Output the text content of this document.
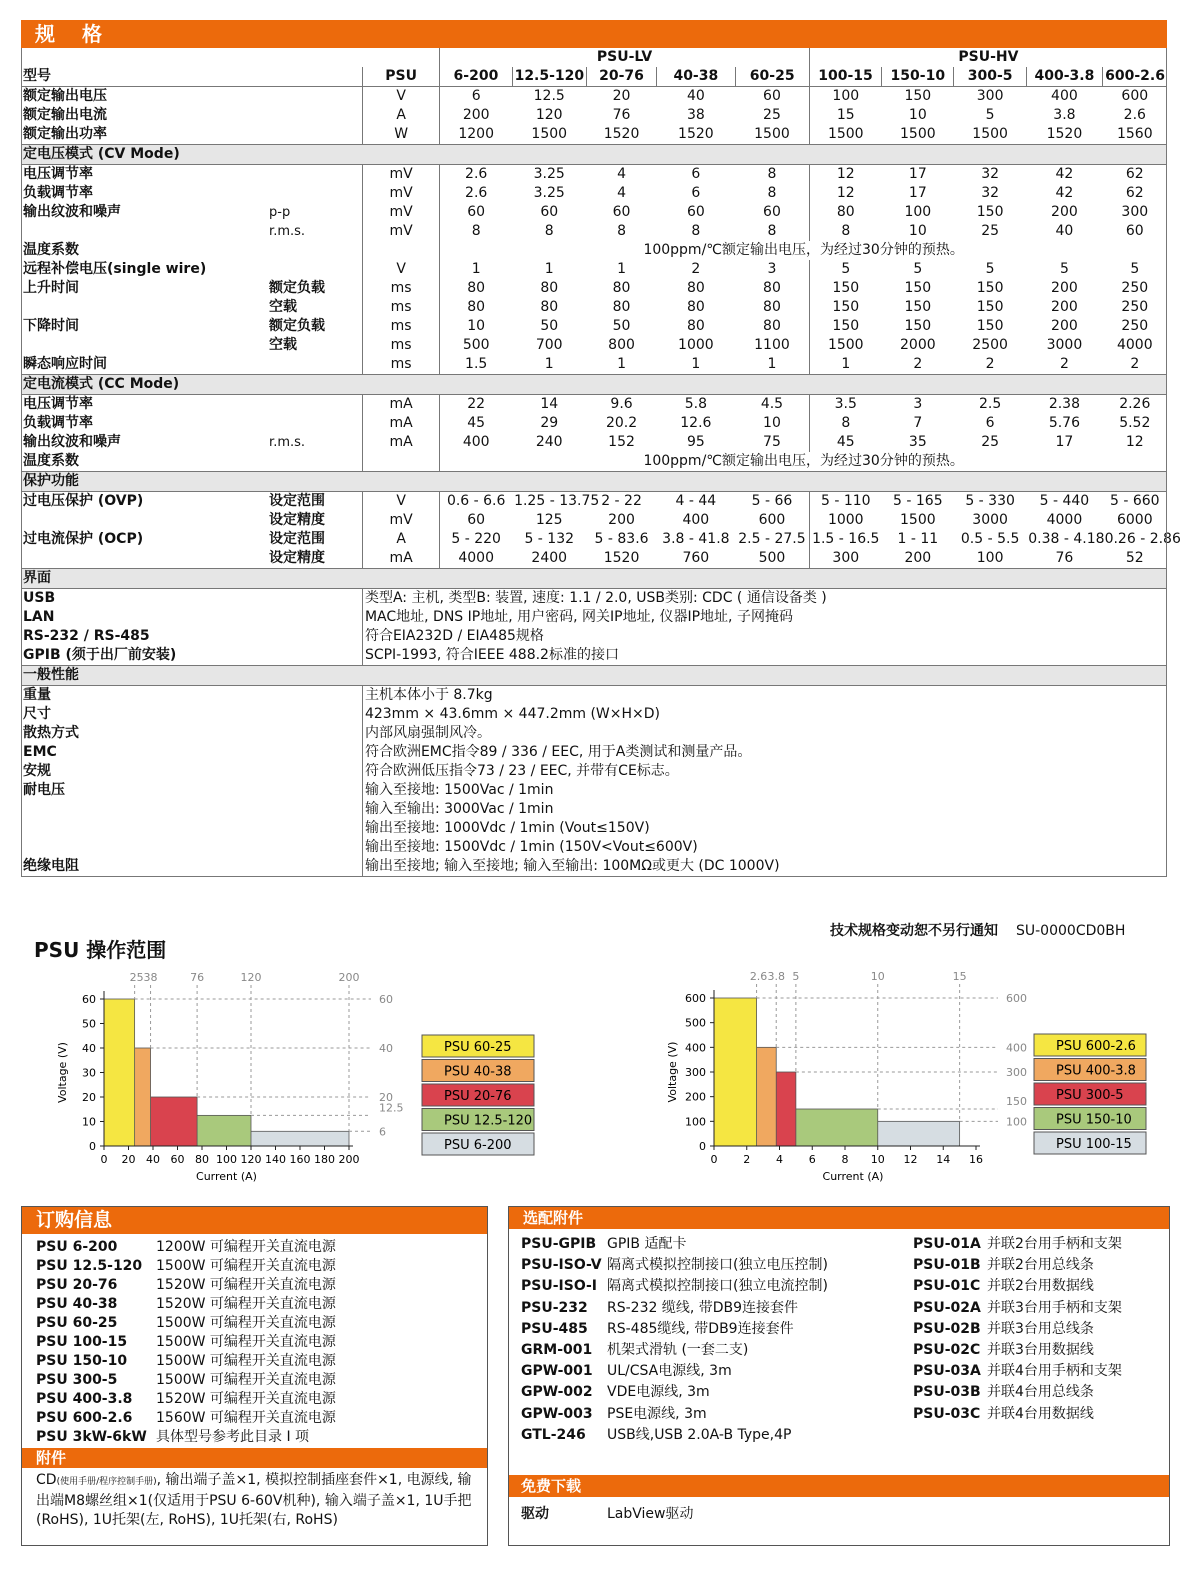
规 格
			PSU-LV					PSU-HV				
型号		PSU	6-200	12.5-120	20-76	40-38	60-25	100-15	150-10	300-5	400-3.8	600-2.6
额定输出电压		V	6	12.5	20	40	60	100	150	300	400	600
额定输出电流		A	200	120	76	38	25	15	10	5	3.8	2.6
额定输出功率		W	1200	1500	1520	1520	1500	1500	1500	1500	1520	1560
定电压模式 (CV Mode)												
电压调节率		mV	2.6	3.25	4	6	8	12	17	32	42	62
负载调节率		mV	2.6	3.25	4	6	8	12	17	32	42	62
输出纹波和噪声	p-p	mV	60	60	60	60	60	80	100	150	200	300
	r.m.s.	mV	8	8	8	8	8	8	10	25	40	60
温度系数			100ppm/℃额定输出电压，为经过30分钟的预热。									
远程补偿电压(single wire)		V	1	1	1	2	3	5	5	5	5	5
上升时间	额定负载	ms	80	80	80	80	80	150	150	150	200	250
	空载	ms	80	80	80	80	80	150	150	150	200	250
下降时间	额定负载	ms	10	50	50	80	80	150	150	150	200	250
	空载	ms	500	700	800	1000	1100	1500	2000	2500	3000	4000
瞬态响应时间		ms	1.5	1	1	1	1	1	2	2	2	2
定电流模式 (CC Mode)												
电压调节率		mA	22	14	9.6	5.8	4.5	3.5	3	2.5	2.38	2.26
负载调节率		mA	45	29	20.2	12.6	10	8	7	6	5.76	5.52
输出纹波和噪声	r.m.s.	mA	400	240	152	95	75	45	35	25	17	12
温度系数			100ppm/℃额定输出电压，为经过30分钟的预热。									
保护功能												
过电压保护 (OVP)	设定范围	V	0.6 - 6.6	1.25 - 13.75	2 - 22	4 - 44	5 - 66	5 - 110	5 - 165	5 - 330	5 - 440	5 - 660
	设定精度	mV	60	125	200	400	600	1000	1500	3000	4000	6000
过电流保护 (OCP)	设定范围	A	5 - 220	5 - 132	5 - 83.6	3.8 - 41.8	2.5 - 27.5	1.5 - 16.5	1 - 11	0.5 - 5.5	0.38 - 4.18	0.26 - 2.86
	设定精度	mA	4000	2400	1520	760	500	300	200	100	76	52
界面												
USB		类型A: 主机, 类型B: 装置, 速度: 1.1 / 2.0, USB类别: CDC ( 通信设备类 )										
LAN		MAC地址, DNS IP地址, 用户密码, 网关IP地址, 仪器IP地址, 子网掩码										
RS-232 / RS-485		符合EIA232D / EIA485规格										
GPIB (须于出厂前安装)		SCPI-1993, 符合IEEE 488.2标准的接口										
一般性能												
重量		主机本体小于 8.7kg										
尺寸		423mm × 43.6mm × 447.2mm (W×H×D)										
散热方式		内部风扇强制风冷。										
EMC		符合欧洲EMC指令89 / 336 / EEC, 用于A类测试和测量产品。										
安规		符合欧洲低压指令73 / 23 / EEC, 并带有CE标志。										
耐电压		输入至接地: 1500Vac / 1min										
		输入至输出: 3000Vac / 1min										
		输出至接地: 1000Vdc / 1min (Vout≤150V)										
		输出至接地: 1500Vdc / 1min (150V<Vout≤600V)										
绝缘电阻		输出至接地; 输入至接地; 输入至输出: 100MΩ或更大 (DC 1000V)										
技术规格变动恕不另行通知 SU-0000CD0BH
PSU 操作范围
25
60
38
40
76
20
120
12.5
200
6
0
10
20
30
40
50
60
0 20 40 60 80 100 120 140 160 180 200
Current (A)
Voltage (V)	PSU 60-25
PSU 40-38
PSU 20-76
PSU 12.5-120
PSU 6-200
2.6
600
3.8
400
5
300
10
150
15
100
0
100
200
300
400
500
600
0 2 4 6 8 10 12 14 16
Current (A)
Voltage (V)	PSU 600-2.6
PSU 400-3.8
PSU 300-5
PSU 150-10
PSU 100-15
订购信息
PSU 6-200	1200W 可编程开关直流电源
PSU 12.5-120 1500W 可编程开关直流电源
PSU 20-76	1520W 可编程开关直流电源
PSU 40-38	1520W 可编程开关直流电源
PSU 60-25	1500W 可编程开关直流电源
PSU 100-15	1500W 可编程开关直流电源
PSU 150-10	1500W 可编程开关直流电源
PSU 300-5	1500W 可编程开关直流电源
PSU 400-3.8	1520W 可编程开关直流电源
PSU 600-2.6	1560W 可编程开关直流电源
PSU 3kW-6kW 具体型号参考此目录 I 项
附件
CD(使用手册/程序控制手册), 输出端子盖×1, 模拟控制插座套件×1, 电源线, 输出端M8螺丝组×1(仅适用于PSU 6-60V机种), 输入端子盖×1, 1U手把(RoHS), 1U托架(左, RoHS), 1U托架(右, RoHS)
选配附件
PSU-GPIB GPIB 适配卡
PSU-ISO-V 隔离式模拟控制接口(独立电压控制)
PSU-ISO-I 隔离式模拟控制接口(独立电流控制)
PSU-232	RS-232 缆线, 带DB9连接套件
PSU-485	RS-485缆线, 带DB9连接套件
GRM-001	机架式滑轨 (一套二支)
GPW-001	UL/CSA电源线, 3m
GPW-002	VDE电源线, 3m
GPW-003	PSE电源线, 3m
GTL-246	USB线,USB 2.0A-B Type,4P
PSU-01A 并联2台用手柄和支架
PSU-01B 并联2台用总线条
PSU-01C 并联2台用数据线
PSU-02A 并联3台用手柄和支架
PSU-02B 并联3台用总线条
PSU-02C 并联3台用数据线
PSU-03A 并联4台用手柄和支架
PSU-03B 并联4台用总线条
PSU-03C 并联4台用数据线
免费下载
驱动	LabView驱动
